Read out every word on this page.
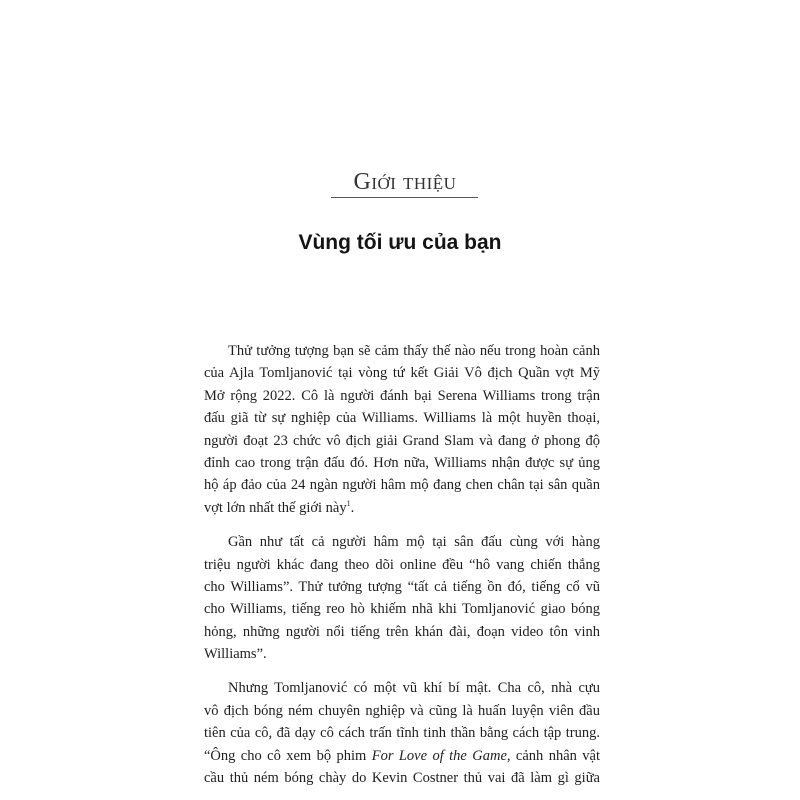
Giới thiệu
Vùng tối ưu của bạn

Thử tưởng tượng bạn sẽ cảm thấy thế nào nếu trong hoàn cảnh
của Ajla Tomljanović tại vòng tứ kết Giải Vô địch Quần vợt Mỹ
Mở rộng 2022. Cô là người đánh bại Serena Williams trong trận
đấu giã từ sự nghiệp của Williams. Williams là một huyền thoại,
người đoạt 23 chức vô địch giải Grand Slam và đang ở phong độ
đỉnh cao trong trận đấu đó. Hơn nữa, Williams nhận được sự ủng
hộ áp đảo của 24 ngàn người hâm mộ đang chen chân tại sân quần
vợt lớn nhất thế giới này$^1$.

Gần như tất cả người hâm mộ tại sân đấu cùng với hàng
triệu người khác đang theo dõi online đều “hô vang chiến thắng
cho Williams”. Thử tưởng tượng “tất cả tiếng ồn đó, tiếng cổ vũ
cho Williams, tiếng reo hò khiếm nhã khi Tomljanović giao bóng
hỏng, những người nổi tiếng trên khán đài, đoạn video tôn vinh
Williams”.

Nhưng Tomljanović có một vũ khí bí mật. Cha cô, nhà cựu
vô địch bóng ném chuyên nghiệp và cũng là huấn luyện viên đầu
tiên của cô, đã dạy cô cách trấn tĩnh tinh thần bằng cách tập trung.
“Ông cho cô xem bộ phim For Love of the Game, cảnh nhân vật
cầu thủ ném bóng chày do Kevin Costner thủ vai đã làm gì giữa
